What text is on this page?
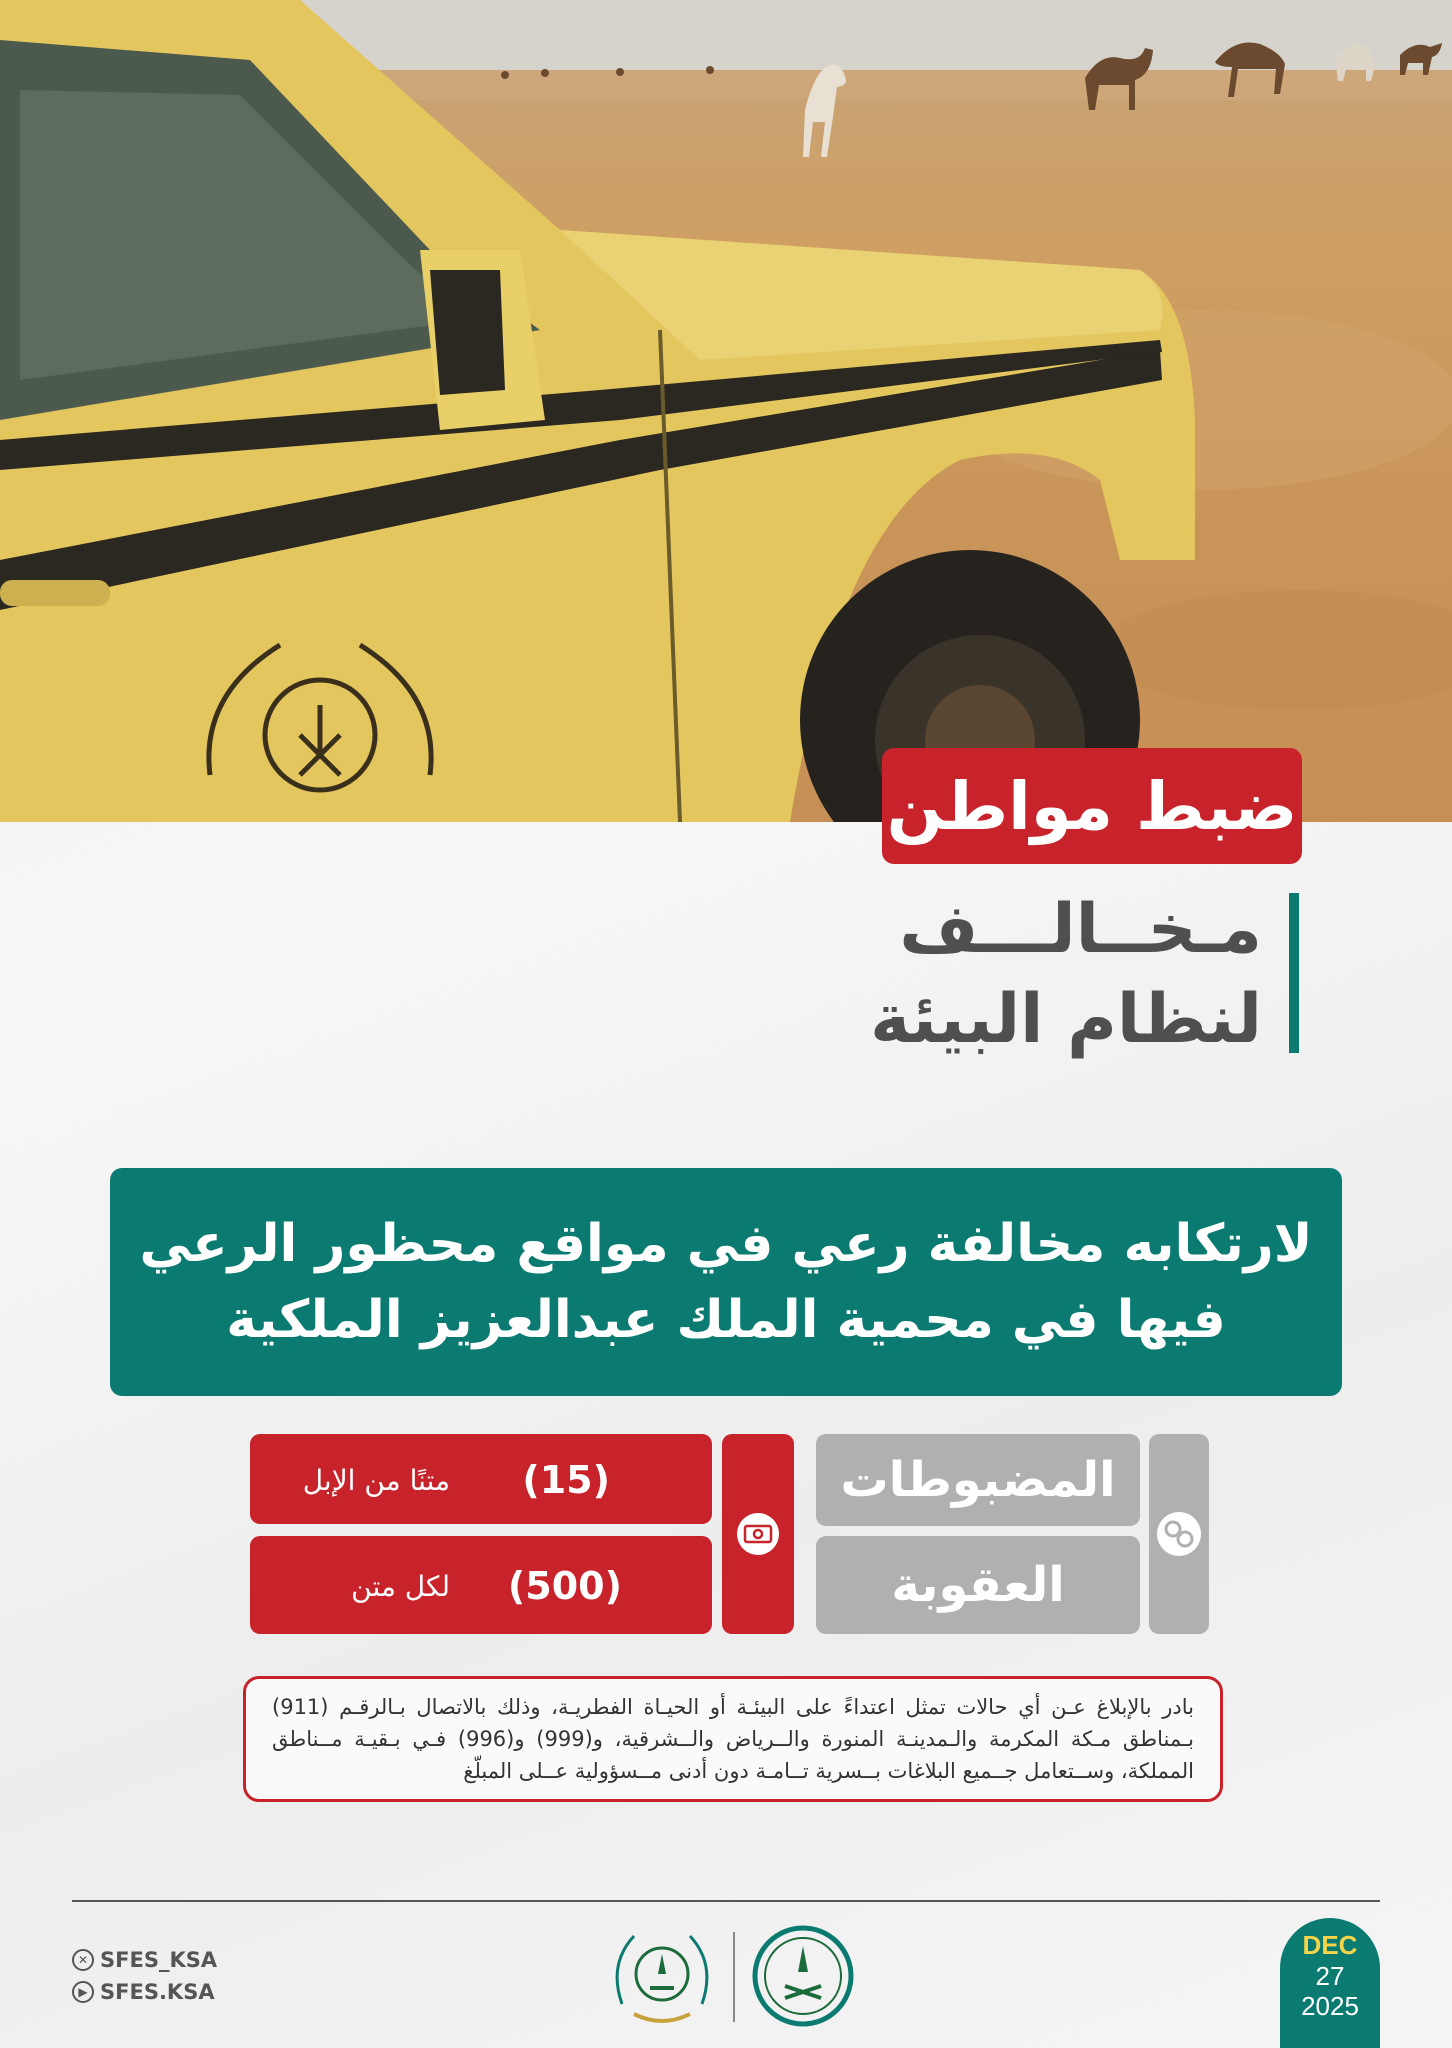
ضبط مواطن
مـخــالـــف
لنظام البيئة
لارتكابه مخالفة رعي في مواقع محظور الرعي
فيها في محمية الملك عبدالعزيز الملكية
المضبوطات
العقوبة
(15)
متنًا من الإبل
(500)
لكل متن
بادر بالإبلاغ عـن أي حالات تمثل اعتداءً على البيئـة أو الحيـاة الفطريـة، وذلك بالاتصال بـالرقـم (911) بـمناطق مـكة المكرمة والـمدينـة المنورة والــرياض والــشرقية، و(999) و(996) فـي بـقيـة مــناطق المملكة، وســتعامل جــميع البلاغات بــسرية تــامـة دون أدنى مــسؤولية عــلى المبلّغ
✕ SFES_KSA
▶ SFES.KSA
DEC
27
2025
